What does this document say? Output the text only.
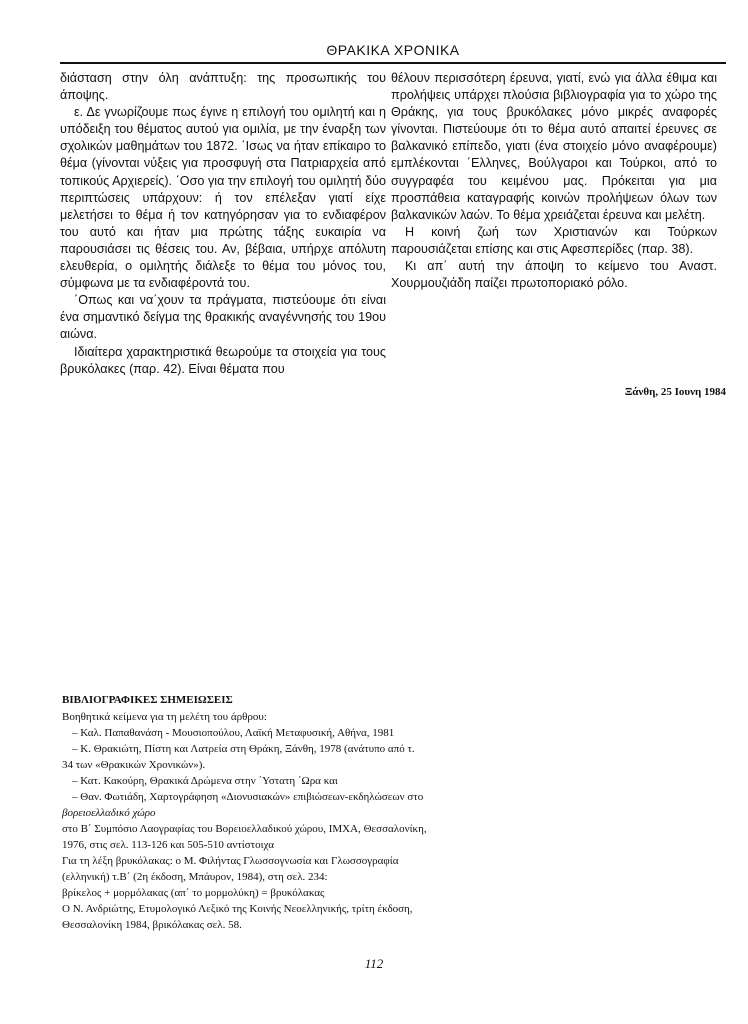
ΘΡΑΚΙΚΑ ΧΡΟΝΙΚΑ

διάσταση στην όλη ανάπτυξη: της προσωπικής του άποψης.

ε. Δε γνωρίζουμε πως έγινε η επιλογή του ομιλητή και η υπόδειξη του θέματος αυτού για ομιλία, με την έναρξη των σχολικών μαθημάτων του 1872. ΄Ισως να ήταν επίκαιρο το θέμα (γίνονται νύξεις για προσφυγή στα Πατριαρχεία από τοπικούς Αρχιερείς). ΄Οσο για την επιλογή του ομιλητή δύο περιπτώσεις υπάρχουν: ή τον επέλεξαν γιατί είχε μελετήσει το θέμα ή τον κατηγόρησαν για το ενδιαφέρον του αυτό και ήταν μια πρώτης τάξης ευκαιρία να παρουσιάσει τις θέσεις του. Αν, βέβαια, υπήρχε απόλυτη ελευθερία, ο ομιλητής διάλεξε το θέμα του μόνος του, σύμφωνα με τα ενδιαφέροντά του.

΄Οπως και να΄χουν τα πράγματα, πιστεύουμε ότι είναι ένα σημαντικό δείγμα της θρακικής αναγέννησής του 19ου αιώνα.

Ιδιαίτερα χαρακτηριστικά θεωρούμε τα στοιχεία για τους βρυκόλακες (παρ. 42). Είναι θέματα που

θέλουν περισσότερη έρευνα, γιατί, ενώ για άλλα έθιμα και προλήψεις υπάρχει πλούσια βιβλιογραφία για το χώρο της Θράκης, για τους βρυκόλακες μόνο μικρές αναφορές γίνονται. Πιστεύουμε ότι το θέμα αυτό απαιτεί έρευνες σε βαλκανικό επίπεδο, γιατι (ένα στοιχείο μόνο αναφέρουμε) εμπλέκονται ΄Ελληνες, Βούλγαροι και Τούρκοι, από το συγγραφέα του κειμένου μας. Πρόκειται για μια προσπάθεια καταγραφής κοινών προλήψεων όλων των βαλκανικών λαών. Το θέμα χρειάζεται έρευνα και μελέτη.

Η κοινή ζωή των Χριστιανών και Τούρκων παρουσιάζεται επίσης και στις Αφεσπερίδες (παρ. 38).

Κι απ΄ αυτή την άποψη το κείμενο του Αναστ. Χουρμουζιάδη παίζει πρωτοποριακό ρόλο.

Ξάνθη, 25 Ιουνη 1984
ΒΙΒΛΙΟΓΡΑΦΙΚΕΣ ΣΗΜΕΙΩΣΕΙΣ
Βοηθητικά κείμενα για τη μελέτη του άρθρου:
– Καλ. Παπαθανάση - Μουσιοπούλου, Λαϊκή Μεταφυσική, Αθήνα, 1981
– Κ. Θρακιώτη, Πίστη και Λατρεία στη Θράκη, Ξάνθη, 1978 (ανάτυπο από τ.
34 των «Θρακικών Χρονικών»).
– Κατ. Κακούρη, Θρακικά Δρώμενα στην ΄Υστατη ΄Ωρα και
– Θαν. Φωτιάδη, Χαρτογράφηση «Διονυσιακών» επιβιώσεων-εκδηλώσεων στο
βορειοελλαδικό χώρο
στο Β΄ Συμπόσιο Λαογραφίας του Βορειοελλαδικού χώρου, ΙΜΧΑ, Θεσσαλονίκη,
1976, στις σελ. 113-126 και 505-510 αντίστοιχα
Για τη λέξη βρυκόλακας: ο Μ. Φιλήντας Γλωσσογνωσία και Γλωσσογραφία
(ελληνική) τ.Β΄ (2η έκδοση, Μπάυρον, 1984), στη σελ. 234:
βρίκελος + μορμόλακας (απ΄ το μορμολύκη) = βρυκόλακας
Ο Ν. Ανδριώτης, Ετυμολογικό Λεξικό της Κοινής Νεοελληνικής, τρίτη έκδοση,
Θεσσαλονίκη 1984, βρικόλακας σελ. 58.
112
